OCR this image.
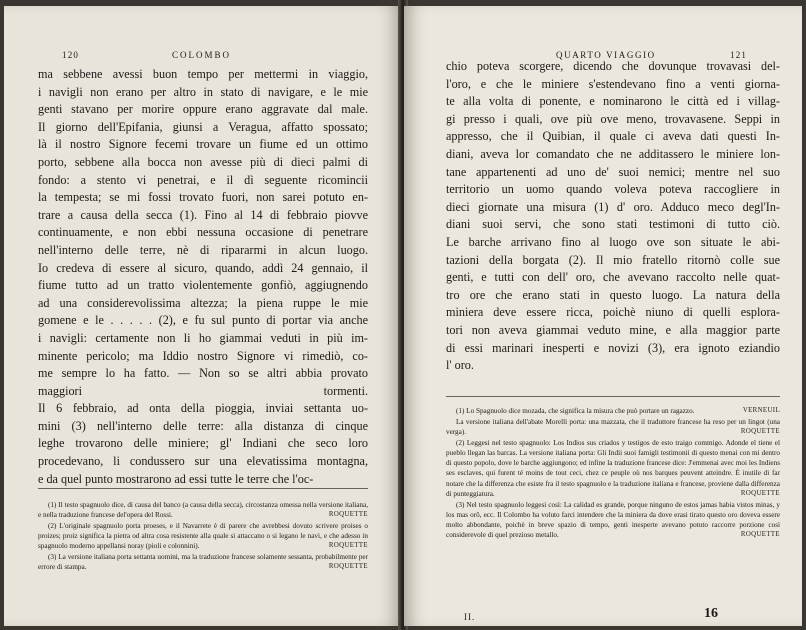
120	COLOMBO
ma sebbene avessi buon tempo per mettermi in viaggio,
i navigli non erano per altro in stato di navigare, e le mie
genti stavano per morire oppure erano aggravate dal male.
Il giorno dell'Epifania, giunsi a Veragua, affatto spossato;
là il nostro Signore fecemi trovare un fiume ed un ottimo
porto, sebbene alla bocca non avesse più di dieci palmi di
fondo: a stento vi penetrai, e il dì seguente ricomincii
la tempesta; se mi fossi trovato fuori, non sarei potuto en-
trare a causa della secca (1). Fino al 14 di febbraio piovve
continuamente, e non ebbi nessuna occasione di penetrare
nell'interno delle terre, nè di ripararmi in alcun luogo.
Io credeva di essere al sicuro, quando, addì 24 gennaio, il
fiume tutto ad un tratto violentemente gonfiò, aggiugnendo
ad una considerevolissima altezza; la piena ruppe le mie
gomene e le . . . . . (2), e fu sul punto di portar via anche
i navigli: certamente non li ho giammai veduti in più im-
minente pericolo; ma Iddio nostro Signore vi rimediò, co-
me sempre lo ha fatto. — Non so se altri abbia provato
maggiori tormenti.
Il 6 febbraio, ad onta della pioggia, inviai settanta uo-
mini (3) nell'interno delle terre: alla distanza di cinque
leghe trovarono delle miniere; gl' Indiani che seco loro
procedevano, li condussero sur una elevatissima montagna,
e da quel punto mostrarono ad essi tutte le terre che l'oc-

(1) Il testo spagnuolo dice, di causa del banco (a causa della secca), circostanza omessa nella versione italiana, e nella traduzione francese del'opera del Rossi.	ROQUETTE

(2) L'originale spagnuolo porta proeses, e il Navarrete è di parere che avrebbesi dovuto scrivere proises o proizes; proiz significa la pietra od altra cosa resistente alla quale si attaccano o si legano le navi, e che adesso in spagnuolo moderno appellansi noray (pioli e colonnini).	ROQUETTE

(3) La versione italiana porta settanta uomini, ma la traduzione francese solamente sessanta, probabilmente per errore di stampa.	ROQUETTE

QUARTO VIAGGIO	121
chio poteva scorgere, dicendo che dovunque trovavasi del-
l'oro, e che le miniere s'estendevano fino a venti giorna-
te alla volta di ponente, e nominarono le città ed i villag-
gi presso i quali, ove più ove meno, trovavasene. Seppi in
appresso, che il Quibian, il quale ci aveva dati questi In-
diani, aveva lor comandato che ne additassero le miniere lon-
tane appartenenti ad uno de' suoi nemici; mentre nel suo
territorio un uomo quando voleva poteva raccogliere in
dieci giornate una misura (1) d' oro. Adduco meco degl'In-
diani suoi servi, che sono stati testimoni di tutto ciò.
Le barche arrivano fino al luogo ove son situate le abi-
tazioni della borgata (2). Il mio fratello ritornò colle sue
genti, e tutti con dell' oro, che avevano raccolto nelle quat-
tro ore che erano stati in questo luogo. La natura della
miniera deve essere ricca, poichè niuno di quelli esplora-
tori non aveva giammai veduto mine, e alla maggior parte
di essi marinari inesperti e novizi (3), era ignoto eziandio
l' oro.

(1) Lo Spagnuolo dice mozada, che significa la misura che può portare un ragazzo.	VERNEUIL

La versione italiana dell'abate Morelli porta: una mazzata, che il traduttore francese ha reso per un lingot (una verga).	ROQUETTE

(2) Leggesi nel testo spagnuolo: Los Indios sus criados y testigos de esto traigo commigo. Adonde el tiene el pueblo llegan las barcas. La versione italiana porta: Gli Indii suoi famigli testimonii di questo menai con mi dentro di questo popolo, dove le barche aggiungono; ed infine la traduzione francese dice: J'emmenai avec moi les Indiens ses esclaves, qui furent té moins de tout ceci, chez ce peuple où nos barques peuvent atteindre. È inutile di far notare che la differenza che esiste fra il testo spagnuolo e la traduzione italiana e francese, proviene dalla differenza di punteggiatura.	ROQUETTE

(3) Nel testo spagnuolo leggesi così: La calidad es grande, porque ninguno de estos jamas habia vistos minas, y los mas orô, ecc. Il Colombo ha voluto farci intendere che la miniera da dove erasi tirato questo oro doveva essere molto abbondante, poichè in breve spazio di tempo, genti inesperte avevano potuto raccorre porzione così considerevole di quel prezioso metallo.	ROQUETTE

II.	16
